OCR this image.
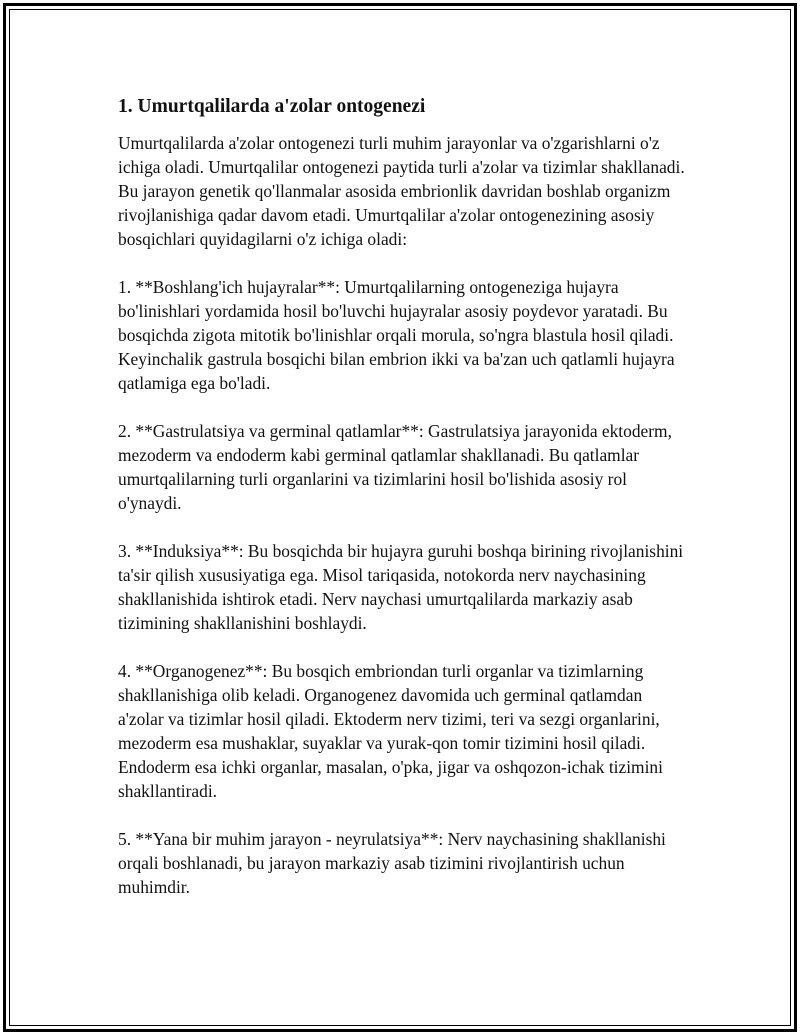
1. Umurtqalilarda a'zolar ontogenezi

Umurtqalilarda a'zolar ontogenezi turli muhim jarayonlar va o'zgarishlarni o'z ichiga oladi. Umurtqalilar ontogenezi paytida turli a'zolar va tizimlar shakllanadi. Bu jarayon genetik qo'llanmalar asosida embrionlik davridan boshlab organizm rivojlanishiga qadar davom etadi. Umurtqalilar a'zolar ontogenezining asosiy bosqichlari quyidagilarni o'z ichiga oladi:

1. **Boshlang'ich hujayralar**: Umurtqalilarning ontogeneziga hujayra bo'linishlari yordamida hosil bo'luvchi hujayralar asosiy poydevor yaratadi. Bu bosqichda zigota mitotik bo'linishlar orqali morula, so'ngra blastula hosil qiladi. Keyinchalik gastrula bosqichi bilan embrion ikki va ba'zan uch qatlamli hujayra qatlamiga ega bo'ladi.

2. **Gastrulatsiya va germinal qatlamlar**: Gastrulatsiya jarayonida ektoderm, mezoderm va endoderm kabi germinal qatlamlar shakllanadi. Bu qatlamlar umurtqalilarning turli organlarini va tizimlarini hosil bo'lishida asosiy rol o'ynaydi.

3. **Induksiya**: Bu bosqichda bir hujayra guruhi boshqa birining rivojlanishini ta'sir qilish xususiyatiga ega. Misol tariqasida, notokorda nerv naychasining shakllanishida ishtirok etadi. Nerv naychasi umurtqalilarda markaziy asab tizimining shakllanishini boshlaydi.

4. **Organogenez**: Bu bosqich embriondan turli organlar va tizimlarning shakllanishiga olib keladi. Organogenez davomida uch germinal qatlamdan a'zolar va tizimlar hosil qiladi. Ektoderm nerv tizimi, teri va sezgi organlarini, mezoderm esa mushaklar, suyaklar va yurak-qon tomir tizimini hosil qiladi. Endoderm esa ichki organlar, masalan, o'pka, jigar va oshqozon-ichak tizimini shakllantiradi.

5. **Yana bir muhim jarayon - neyrulatsiya**: Nerv naychasining shakllanishi orqali boshlanadi, bu jarayon markaziy asab tizimini rivojlantirish uchun muhimdir.
